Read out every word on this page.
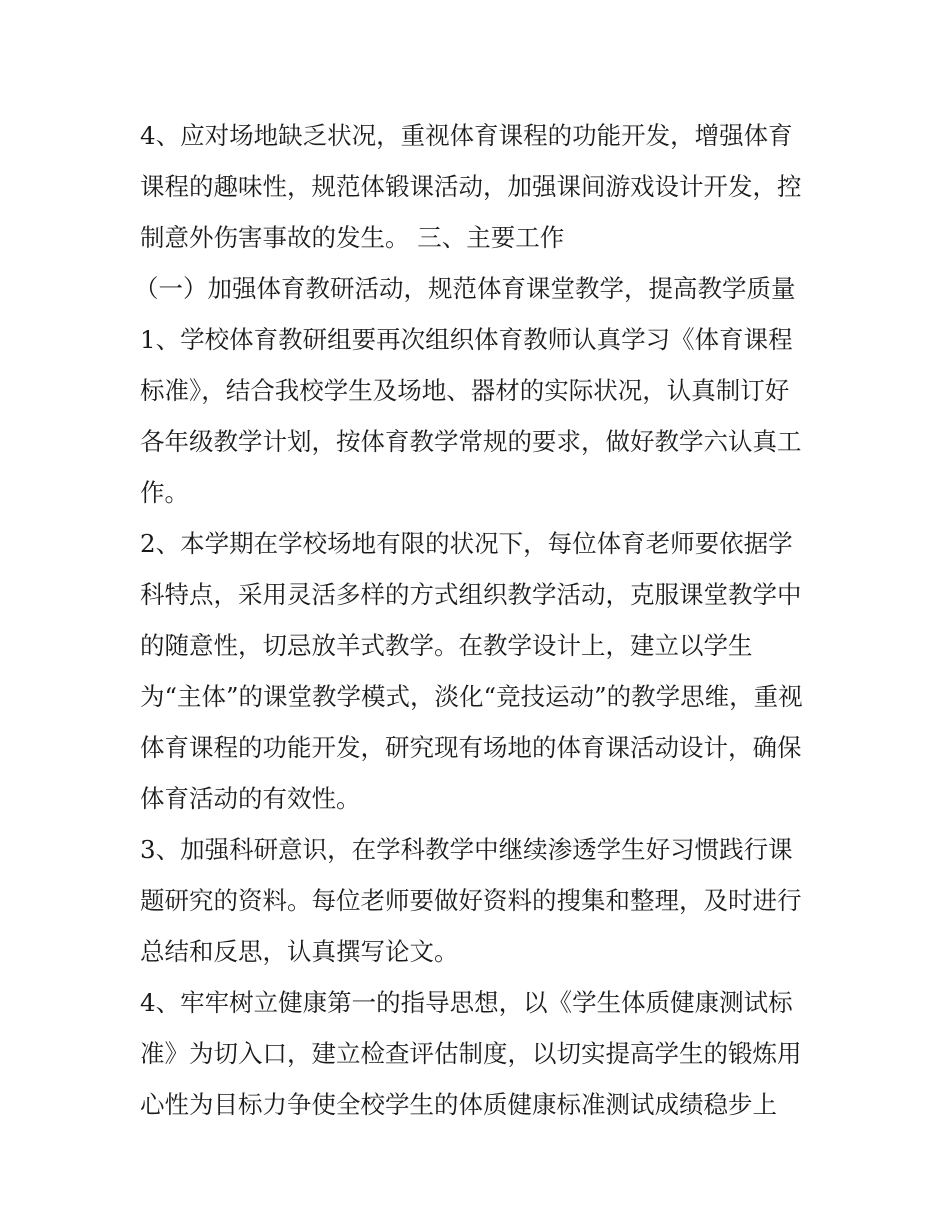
4、应对场地缺乏状况，重视体育课程的功能开发，增强体育
课程的趣味性，规范体锻课活动，加强课间游戏设计开发，控
制意外伤害事故的发生。 三、主要工作
（一）加强体育教研活动，规范体育课堂教学，提高教学质量
1、学校体育教研组要再次组织体育教师认真学习《体育课程
标准》，结合我校学生及场地、器材的实际状况，认真制订好
各年级教学计划，按体育教学常规的要求，做好教学六认真工
作。
2、本学期在学校场地有限的状况下，每位体育老师要依据学
科特点，采用灵活多样的方式组织教学活动，克服课堂教学中
的随意性，切忌放羊式教学。在教学设计上，建立以学生
为“主体”的课堂教学模式，淡化“竞技运动”的教学思维，重视
体育课程的功能开发，研究现有场地的体育课活动设计，确保
体育活动的有效性。
3、加强科研意识，在学科教学中继续渗透学生好习惯践行课
题研究的资料。每位老师要做好资料的搜集和整理，及时进行
总结和反思，认真撰写论文。
4、牢牢树立健康第一的指导思想，以《学生体质健康测试标
准》为切入口，建立检查评估制度，以切实提高学生的锻炼用
心性为目标力争使全校学生的体质健康标准测试成绩稳步上
